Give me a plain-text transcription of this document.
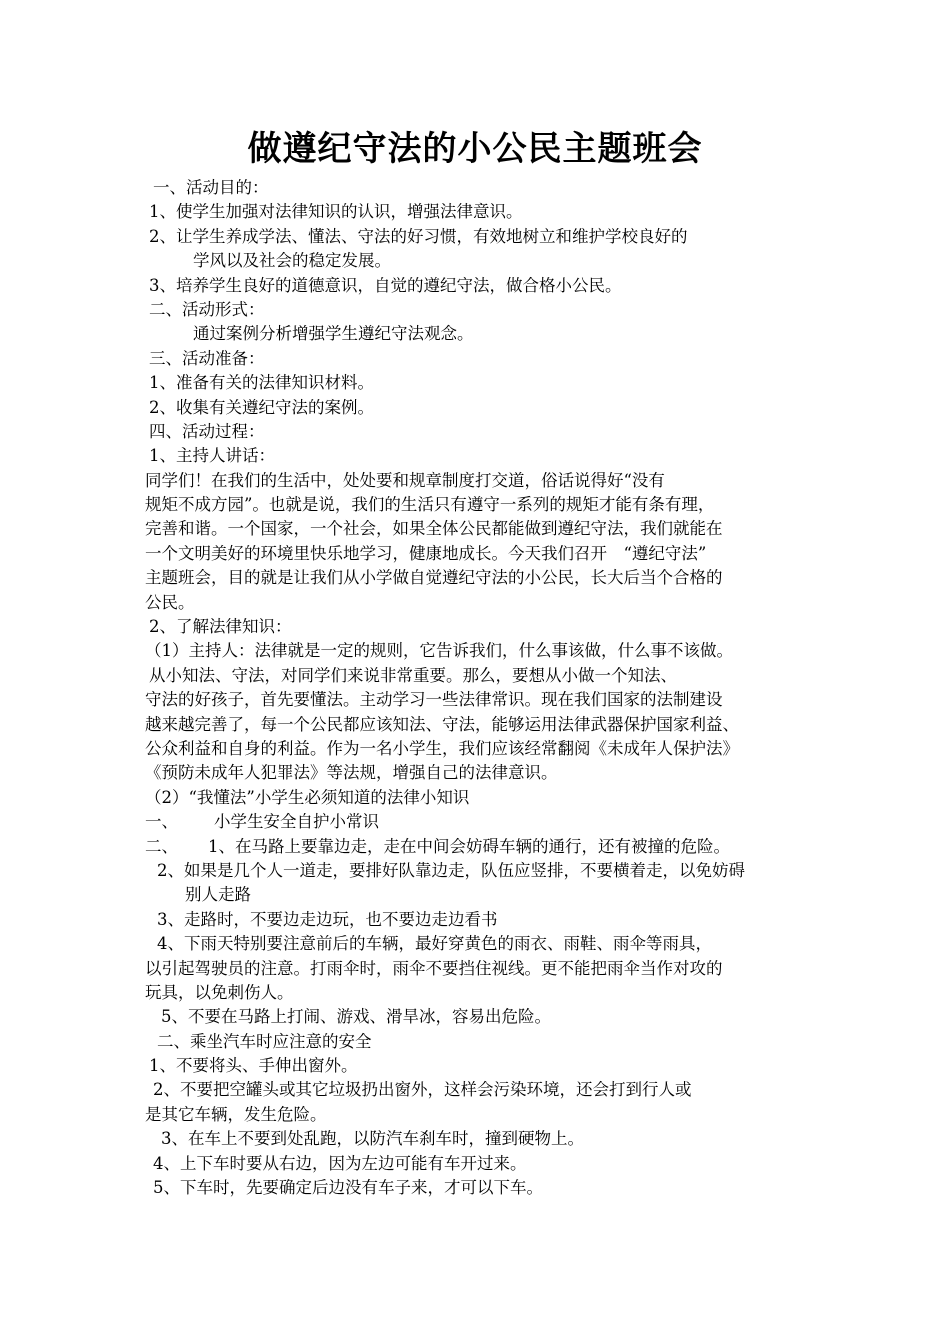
做遵纪守法的小公民主题班会
一、活动目的：
1、使学生加强对法律知识的认识，增强法律意识。
2、让学生养成学法、懂法、守法的好习惯，有效地树立和维护学校良好的
学风以及社会的稳定发展。
3、培养学生良好的道德意识，自觉的遵纪守法，做合格小公民。
二、活动形式：
通过案例分析增强学生遵纪守法观念。
三、活动准备：
1、准备有关的法律知识材料。
2、收集有关遵纪守法的案例。
四、活动过程：
1、主持人讲话：
同学们！在我们的生活中，处处要和规章制度打交道，俗话说得好“没有
规矩不成方园”。也就是说，我们的生活只有遵守一系列的规矩才能有条有理，
完善和谐。一个国家，一个社会，如果全体公民都能做到遵纪守法，我们就能在
一个文明美好的环境里快乐地学习，健康地成长。今天我们召开　“遵纪守法”
主题班会，目的就是让我们从小学做自觉遵纪守法的小公民，长大后当个合格的
公民。
2、了解法律知识：
（1）主持人：法律就是一定的规则，它告诉我们，什么事该做，什么事不该做。
从小知法、守法，对同学们来说非常重要。那么，要想从小做一个知法、
守法的好孩子，首先要懂法。主动学习一些法律常识。现在我们国家的法制建设
越来越完善了，每一个公民都应该知法、守法，能够运用法律武器保护国家利益、
公众利益和自身的利益。作为一名小学生，我们应该经常翻阅《未成年人保护法》
《预防未成年人犯罪法》等法规，增强自己的法律意识。
（2）“我懂法”小学生必须知道的法律小知识
一、 小学生安全自护小常识
二、 1、在马路上要靠边走，走在中间会妨碍车辆的通行，还有被撞的危险。
2、如果是几个人一道走，要排好队靠边走，队伍应竖排，不要横着走，以免妨碍
别人走路
3、走路时，不要边走边玩，也不要边走边看书
4、下雨天特别要注意前后的车辆，最好穿黄色的雨衣、雨鞋、雨伞等雨具，
以引起驾驶员的注意。打雨伞时，雨伞不要挡住视线。更不能把雨伞当作对攻的
玩具，以免刺伤人。
5、不要在马路上打闹、游戏、滑旱冰，容易出危险。
二、乘坐汽车时应注意的安全
1、不要将头、手伸出窗外。
2、不要把空罐头或其它垃圾扔出窗外，这样会污染环境，还会打到行人或
是其它车辆，发生危险。
3、在车上不要到处乱跑，以防汽车刹车时，撞到硬物上。
4、上下车时要从右边，因为左边可能有车开过来。
5、下车时，先要确定后边没有车子来，才可以下车。
